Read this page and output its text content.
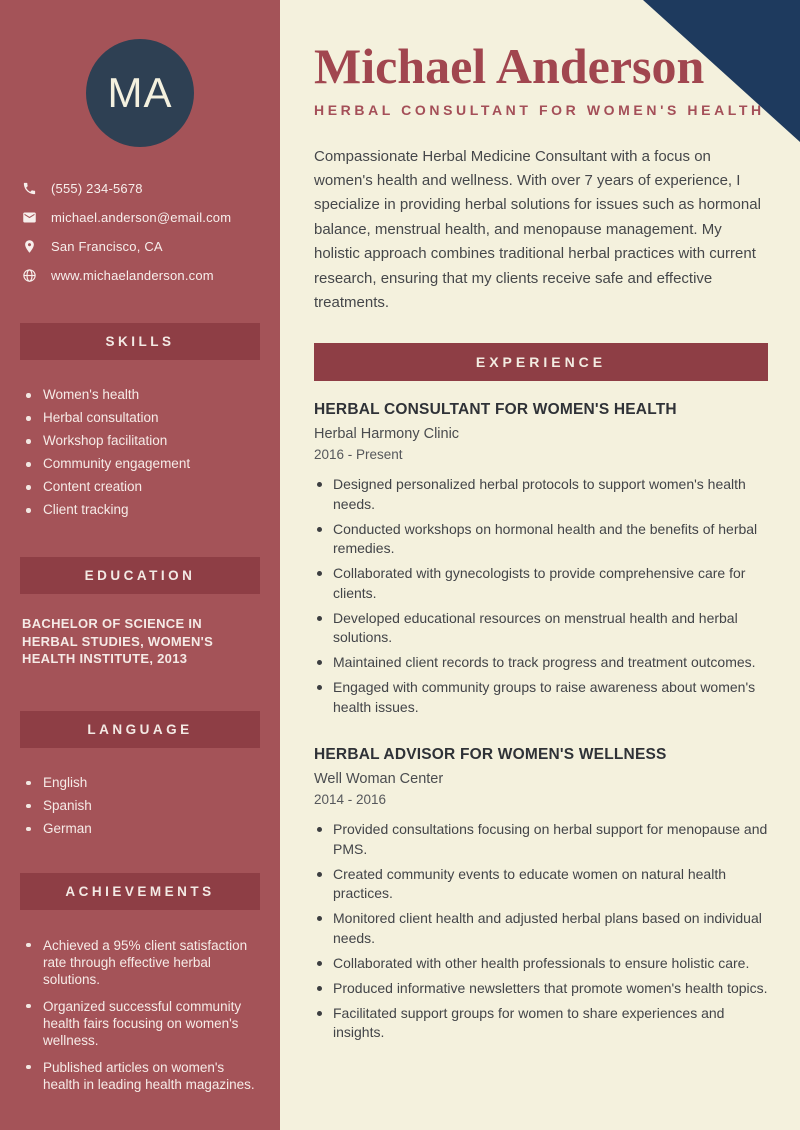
MA
(555) 234-5678
michael.anderson@email.com
San Francisco, CA
www.michaelanderson.com
SKILLS
Women's health
Herbal consultation
Workshop facilitation
Community engagement
Content creation
Client tracking
EDUCATION
BACHELOR OF SCIENCE IN HERBAL STUDIES, WOMEN'S HEALTH INSTITUTE, 2013
LANGUAGE
English
Spanish
German
ACHIEVEMENTS
Achieved a 95% client satisfaction rate through effective herbal solutions.
Organized successful community health fairs focusing on women's wellness.
Published articles on women's health in leading health magazines.
Michael Anderson
HERBAL CONSULTANT FOR WOMEN'S HEALTH

Compassionate Herbal Medicine Consultant with a focus on women's health and wellness. With over 7 years of experience, I specialize in providing herbal solutions for issues such as hormonal balance, menstrual health, and menopause management. My holistic approach combines traditional herbal practices with current research, ensuring that my clients receive safe and effective treatments.

EXPERIENCE
HERBAL CONSULTANT FOR WOMEN'S HEALTH
Herbal Harmony Clinic
2016 - Present
Designed personalized herbal protocols to support women's health needs.
Conducted workshops on hormonal health and the benefits of herbal remedies.
Collaborated with gynecologists to provide comprehensive care for clients.
Developed educational resources on menstrual health and herbal solutions.
Maintained client records to track progress and treatment outcomes.
Engaged with community groups to raise awareness about women's health issues.
HERBAL ADVISOR FOR WOMEN'S WELLNESS
Well Woman Center
2014 - 2016
Provided consultations focusing on herbal support for menopause and PMS.
Created community events to educate women on natural health practices.
Monitored client health and adjusted herbal plans based on individual needs.
Collaborated with other health professionals to ensure holistic care.
Produced informative newsletters that promote women's health topics.
Facilitated support groups for women to share experiences and insights.
